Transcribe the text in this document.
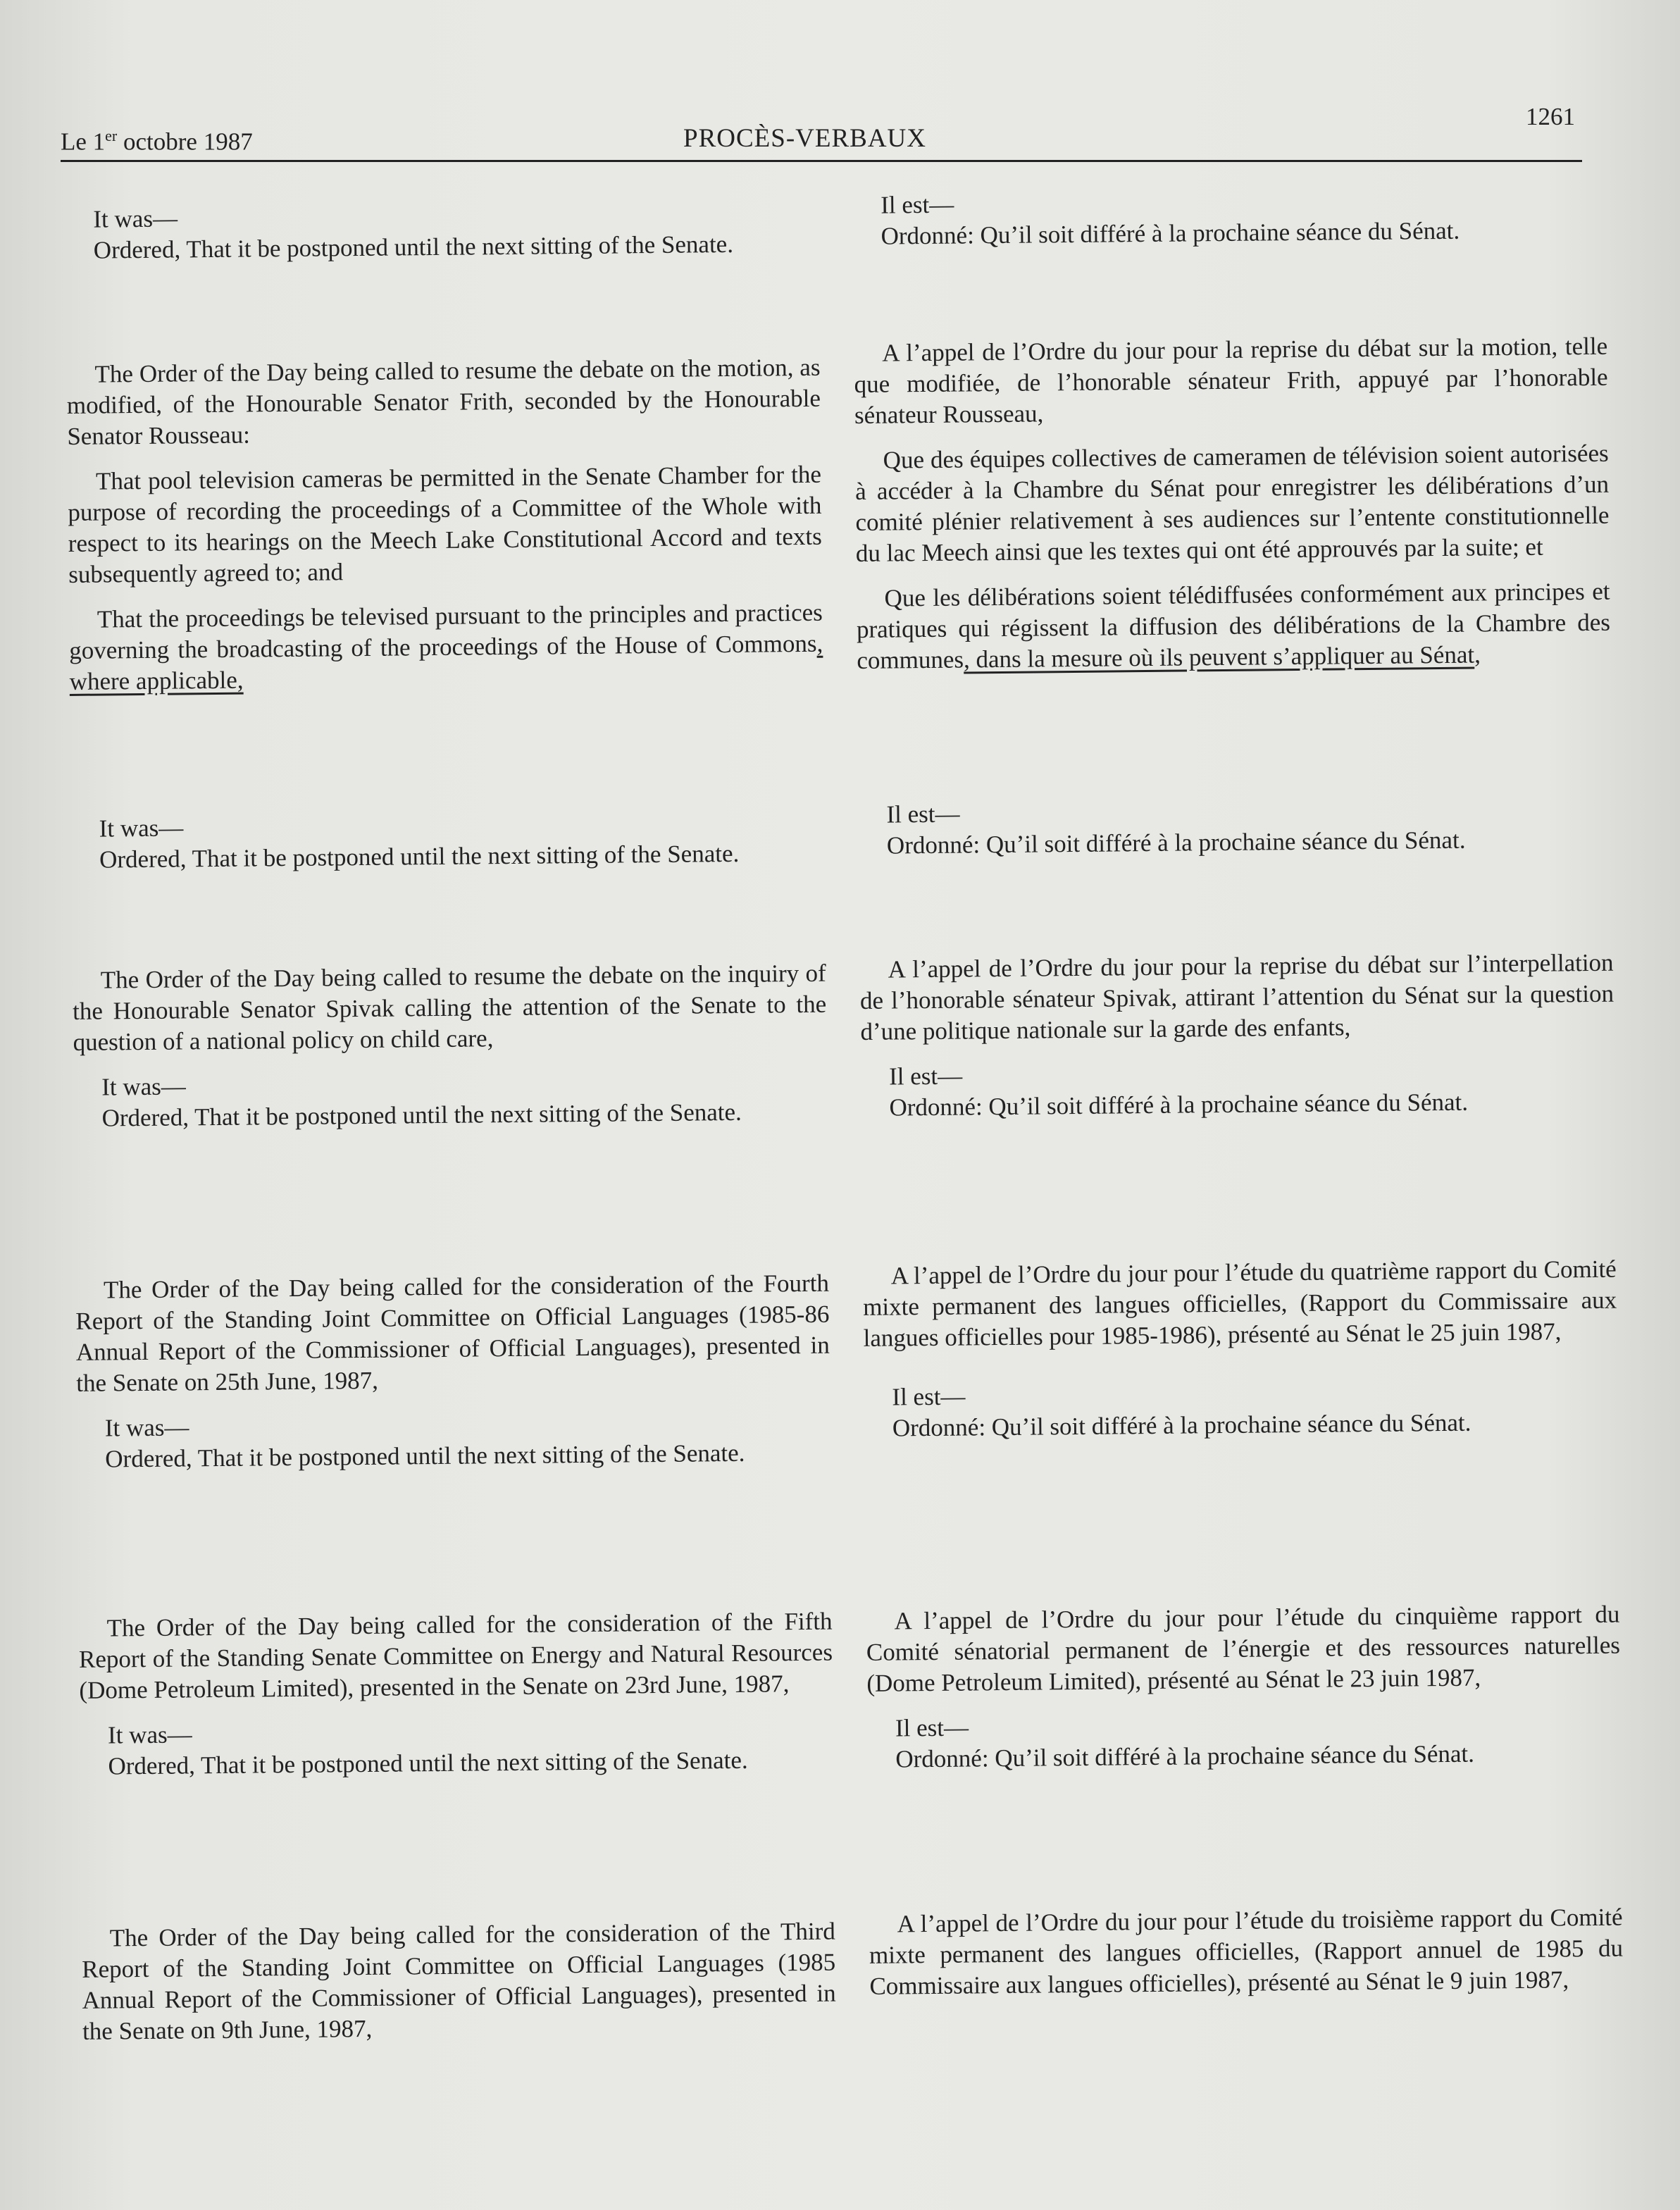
Le 1er octobre 1987	PROCÈS-VERBAUX
1261

It was—

Ordered, That it be postponed until the next sitting of the Senate.

The Order of the Day being called to resume the debate on the motion, as modified, of the Honourable Senator Frith, seconded by the Honourable Senator Rousseau:

That pool television cameras be permitted in the Senate Chamber for the purpose of recording the proceedings of a Committee of the Whole with respect to its hearings on the Meech Lake Constitutional Accord and texts subsequently agreed to; and

That the proceedings be televised pursuant to the principles and practices governing the broadcasting of the proceedings of the House of Commons, where applicable,

It was—

Ordered, That it be postponed until the next sitting of the Senate.

The Order of the Day being called to resume the debate on the inquiry of the Honourable Senator Spivak calling the attention of the Senate to the question of a national policy on child care,

It was—

Ordered, That it be postponed until the next sitting of the Senate.

The Order of the Day being called for the consideration of the Fourth Report of the Standing Joint Committee on Official Languages (1985-86 Annual Report of the Commissioner of Official Languages), presented in the Senate on 25th June, 1987,

It was—

Ordered, That it be postponed until the next sitting of the Senate.

The Order of the Day being called for the consideration of the Fifth Report of the Standing Senate Committee on Energy and Natural Resources (Dome Petroleum Limited), presented in the Senate on 23rd June, 1987,

It was—

Ordered, That it be postponed until the next sitting of the Senate.

The Order of the Day being called for the consideration of the Third Report of the Standing Joint Committee on Official Languages (1985 Annual Report of the Commissioner of Official Languages), presented in the Senate on 9th June, 1987,

Il est—

Ordonné: Qu’il soit différé à la prochaine séance du Sénat.

A l’appel de l’Ordre du jour pour la reprise du débat sur la motion, telle que modifiée, de l’honorable sénateur Frith, appuyé par l’honorable sénateur Rousseau,

Que des équipes collectives de cameramen de télévision soient autorisées à accéder à la Chambre du Sénat pour enregistrer les délibérations d’un comité plénier relativement à ses audiences sur l’entente constitutionnelle du lac Meech ainsi que les textes qui ont été approuvés par la suite; et

Que les délibérations soient télédiffusées conformément aux principes et pratiques qui régissent la diffusion des délibérations de la Chambre des communes, dans la mesure où ils peuvent s’appliquer au Sénat,

Il est—

Ordonné: Qu’il soit différé à la prochaine séance du Sénat.

A l’appel de l’Ordre du jour pour la reprise du débat sur l’interpellation de l’honorable sénateur Spivak, attirant l’attention du Sénat sur la question d’une politique nationale sur la garde des enfants,

Il est—

Ordonné: Qu’il soit différé à la prochaine séance du Sénat.

A l’appel de l’Ordre du jour pour l’étude du quatrième rapport du Comité mixte permanent des langues officielles, (Rapport du Commissaire aux langues officielles pour 1985-1986), présenté au Sénat le 25 juin 1987,

Il est—

Ordonné: Qu’il soit différé à la prochaine séance du Sénat.

A l’appel de l’Ordre du jour pour l’étude du cinquième rapport du Comité sénatorial permanent de l’énergie et des ressources naturelles (Dome Petroleum Limited), présenté au Sénat le 23 juin 1987,

Il est—

Ordonné: Qu’il soit différé à la prochaine séance du Sénat.

A l’appel de l’Ordre du jour pour l’étude du troisième rapport du Comité mixte permanent des langues officielles, (Rapport annuel de 1985 du Commissaire aux langues officielles), présenté au Sénat le 9 juin 1987,
